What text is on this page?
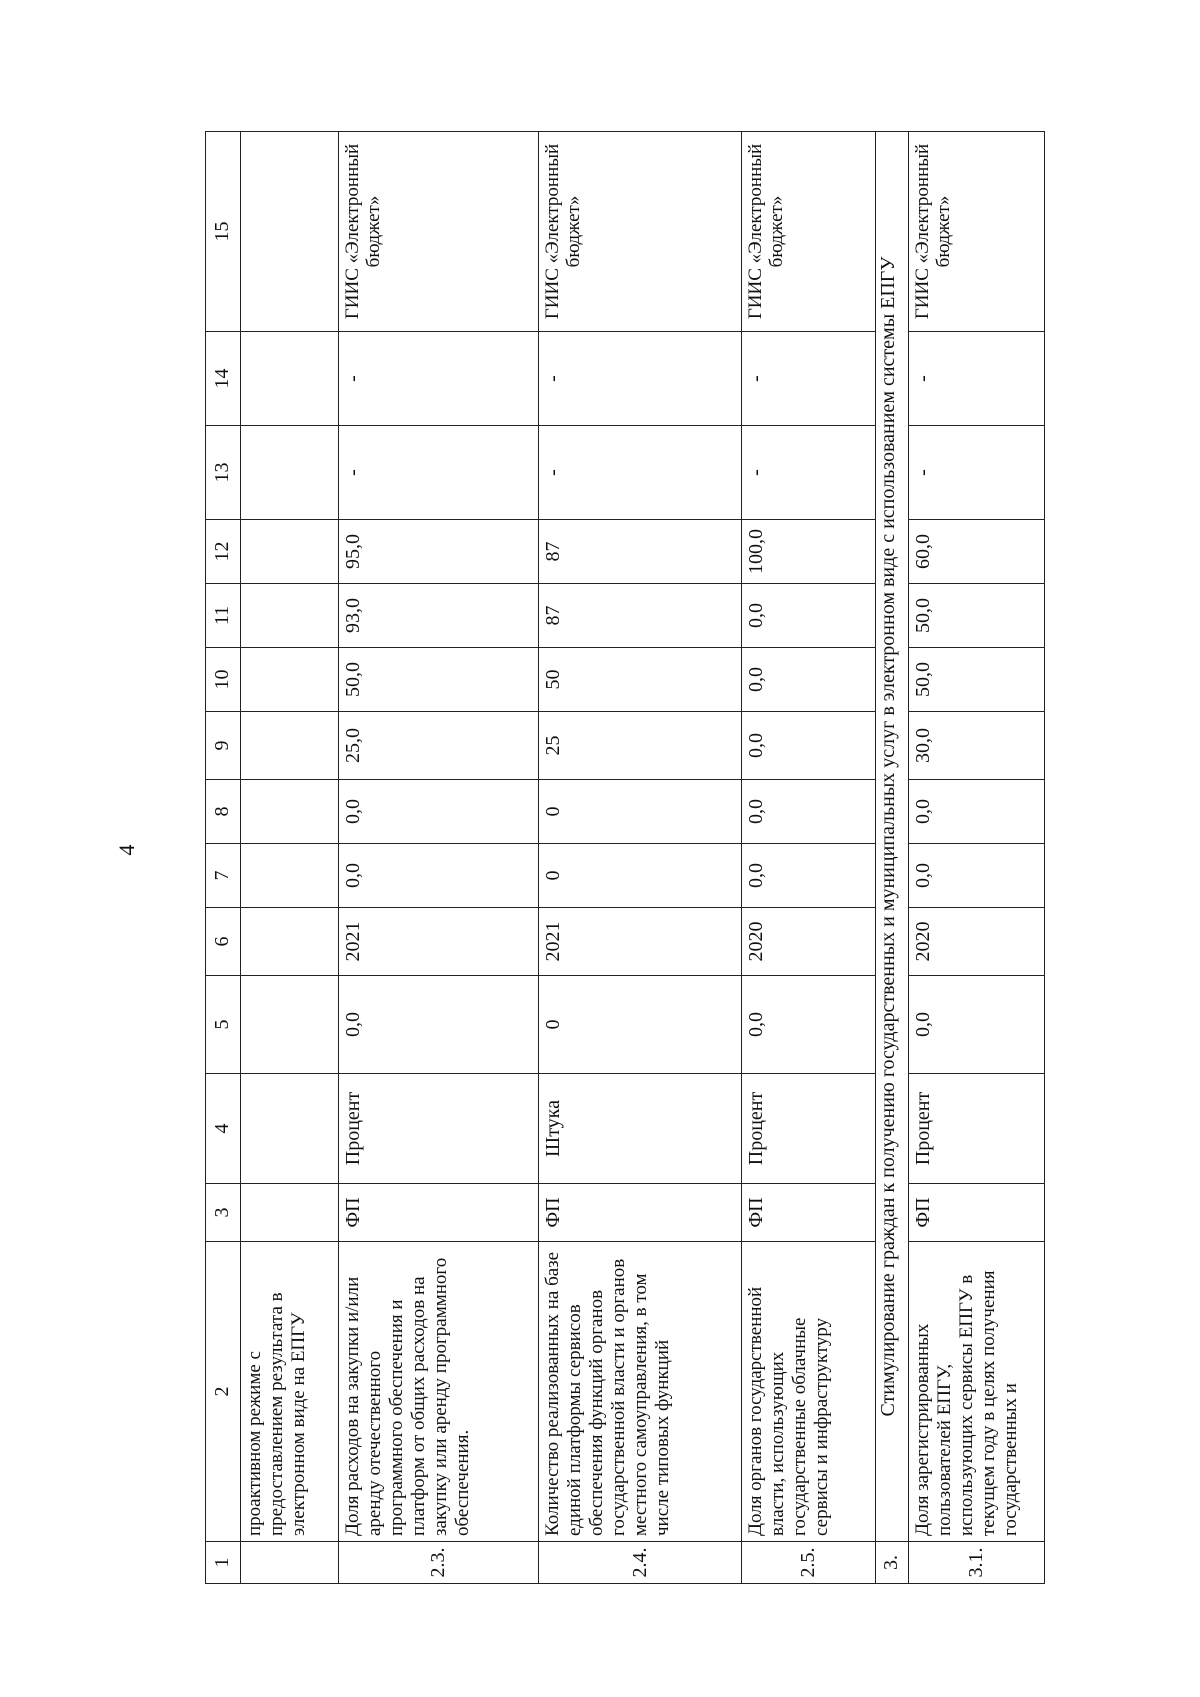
4
1	2	3	4	5	6	7	8	9	10	11	12	13	14	15
	проактивном режиме с предоставлением результата в электронном виде на ЕПГУ													
2.3.	Доля расходов на закупки и/или аренду отечественного программного обеспечения и платформ от общих расходов на закупку или аренду программного обеспечения.	ФП	Процент	0,0	2021	0,0	0,0	25,0	50,0	93,0	95,0	-	-	ГИИС «Электронный бюджет»
2.4.	Количество реализованных на базе единой платформы сервисов обеспечения функций органов государственной власти и органов местного самоуправления, в том числе типовых функций	ФП	Штука	0	2021	0	0	25	50	87	87	-	-	ГИИС «Электронный бюджет»
2.5.	Доля органов государственной власти, использующих государственные облачные сервисы и инфраструктуру	ФП	Процент	0,0	2020	0,0	0,0	0,0	0,0	0,0	100,0	-	-	ГИИС «Электронный бюджет»
3.	Стимулирование граждан к получению государственных и муниципальных услуг в электронном виде с использованием системы ЕПГУ													
3.1.	Доля зарегистрированных пользователей ЕПГУ, использующих сервисы ЕПГУ в текущем году в целях получения государственных и	ФП	Процент	0,0	2020	0,0	0,0	30,0	50,0	50,0	60,0	-	-	ГИИС «Электронный бюджет»
